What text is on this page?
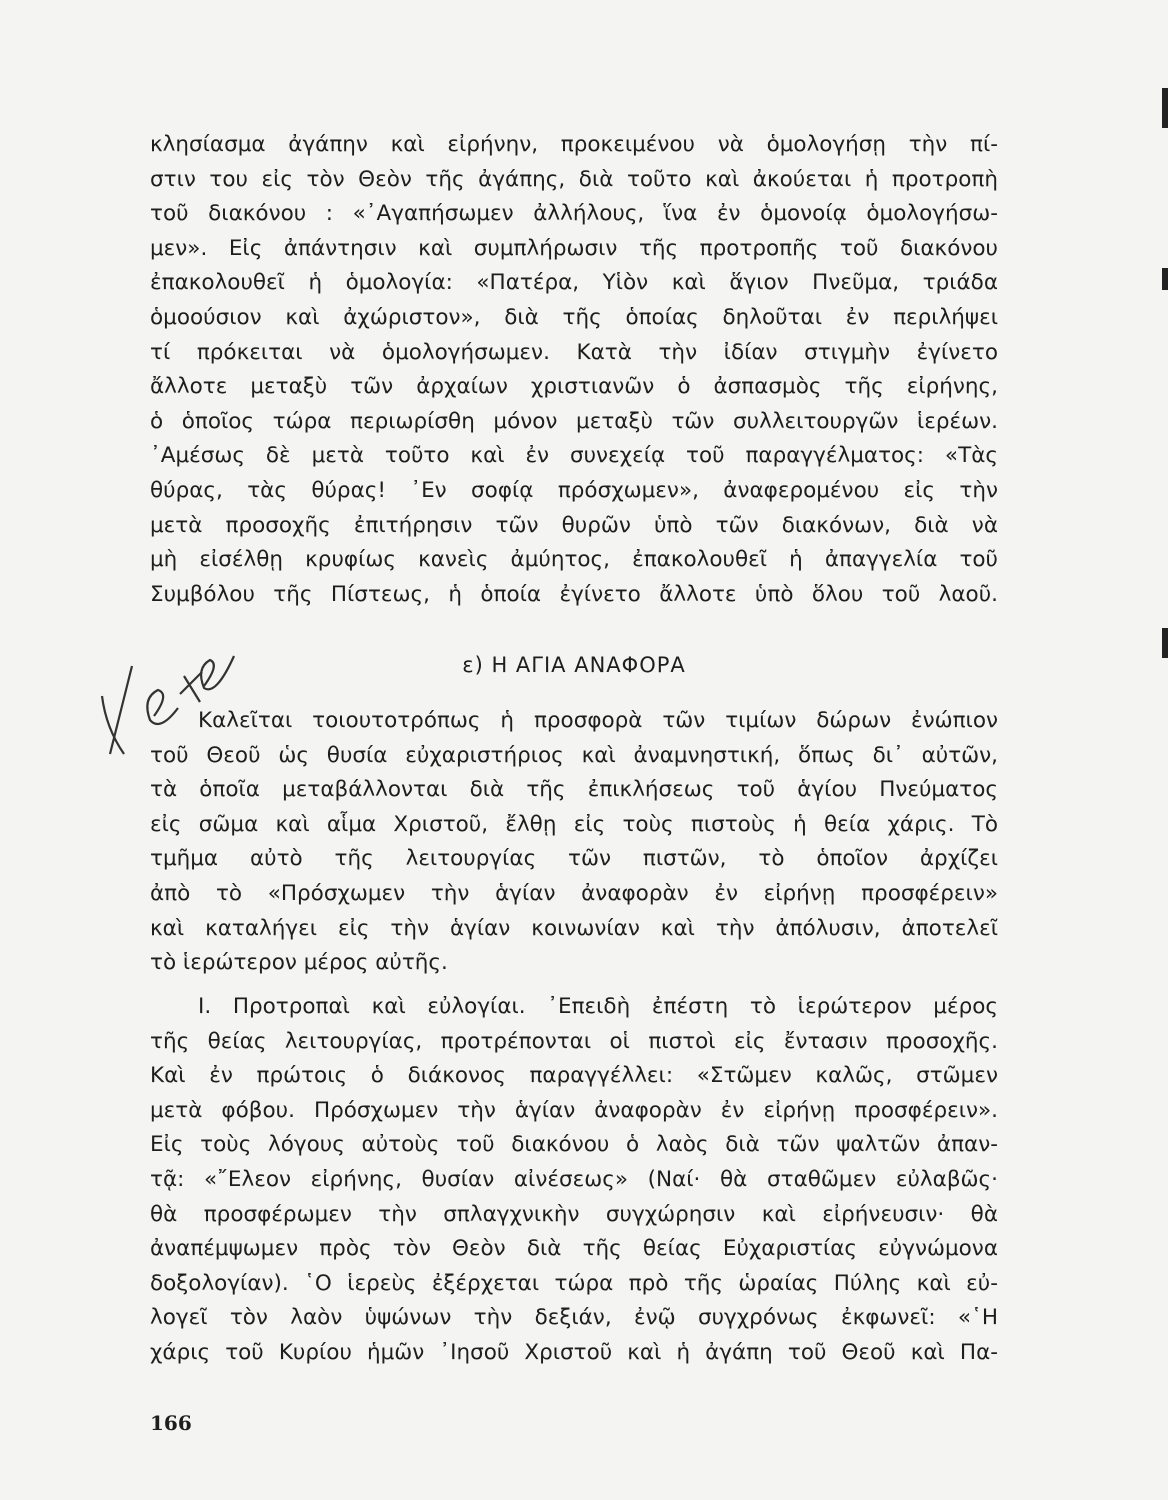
κλησίασμα ἀγάπην καὶ εἰρήνην, προκειμένου νὰ ὁμολογήσῃ τὴν πί-
στιν του εἰς τὸν Θεὸν τῆς ἀγάπης, διὰ τοῦτο καὶ ἀκούεται ἡ προτροπὴ
τοῦ διακόνου : «᾽Αγαπήσωμεν ἀλλήλους, ἵνα ἐν ὁμονοίᾳ ὁμολογήσω-
μεν». Εἰς ἀπάντησιν καὶ συμπλήρωσιν τῆς προτροπῆς τοῦ διακόνου
ἐπακολουθεῖ ἡ ὁμολογία: «Πατέρα, Υἱὸν καὶ ἅγιον Πνεῦμα, τριάδα
ὁμοούσιον καὶ ἀχώριστον», διὰ τῆς ὁποίας δηλοῦται ἐν περιλήψει
τί πρόκειται νὰ ὁμολογήσωμεν. Κατὰ τὴν ἰδίαν στιγμὴν ἐγίνετο
ἄλλοτε μεταξὺ τῶν ἀρχαίων χριστιανῶν ὁ ἀσπασμὸς τῆς εἰρήνης,
ὁ ὁποῖος τώρα περιωρίσθη μόνον μεταξὺ τῶν συλλειτουργῶν ἱερέων.
᾽Αμέσως δὲ μετὰ τοῦτο καὶ ἐν συνεχείᾳ τοῦ παραγγέλματος: «Τὰς
θύρας, τὰς θύρας! ᾽Εν σοφίᾳ πρόσχωμεν», ἀναφερομένου εἰς τὴν
μετὰ προσοχῆς ἐπιτήρησιν τῶν θυρῶν ὑπὸ τῶν διακόνων, διὰ νὰ
μὴ εἰσέλθῃ κρυφίως κανεὶς ἀμύητος, ἐπακολουθεῖ ἡ ἀπαγγελία τοῦ
Συμβόλου τῆς Πίστεως, ἡ ὁποία ἐγίνετο ἄλλοτε ὑπὸ ὅλου τοῦ λαοῦ.
ε) Η ΑΓΙΑ ΑΝΑΦΟΡΑ
Καλεῖται τοιουτοτρόπως ἡ προσφορὰ τῶν τιμίων δώρων ἐνώπιον
τοῦ Θεοῦ ὡς θυσία εὐχαριστήριος καὶ ἀναμνηστική, ὅπως δι᾽ αὐτῶν,
τὰ ὁποῖα μεταβάλλονται διὰ τῆς ἐπικλήσεως τοῦ ἁγίου Πνεύματος
εἰς σῶμα καὶ αἷμα Χριστοῦ, ἔλθῃ εἰς τοὺς πιστοὺς ἡ θεία χάρις. Τὸ
τμῆμα αὐτὸ τῆς λειτουργίας τῶν πιστῶν, τὸ ὁποῖον ἀρχίζει
ἀπὸ τὸ «Πρόσχωμεν τὴν ἁγίαν ἀναφορὰν ἐν εἰρήνῃ προσφέρειν»
καὶ καταλήγει εἰς τὴν ἁγίαν κοινωνίαν καὶ τὴν ἀπόλυσιν, ἀποτελεῖ
τὸ ἱερώτερον μέρος αὐτῆς.
Ι. Προτροπαὶ καὶ εὐλογίαι. ᾽Επειδὴ ἐπέστη τὸ ἱερώτερον μέρος
τῆς θείας λειτουργίας, προτρέπονται οἱ πιστοὶ εἰς ἔντασιν προσοχῆς.
Καὶ ἐν πρώτοις ὁ διάκονος παραγγέλλει: «Στῶμεν καλῶς, στῶμεν
μετὰ φόβου. Πρόσχωμεν τὴν ἁγίαν ἀναφορὰν ἐν εἰρήνῃ προσφέρειν».
Εἰς τοὺς λόγους αὐτοὺς τοῦ διακόνου ὁ λαὸς διὰ τῶν ψαλτῶν ἀπαν-
τᾷ: «῎Ελεον εἰρήνης, θυσίαν αἰνέσεως» (Ναί· θὰ σταθῶμεν εὐλαβῶς·
θὰ προσφέρωμεν τὴν σπλαγχνικὴν συγχώρησιν καὶ εἰρήνευσιν· θὰ
ἀναπέμψωμεν πρὸς τὸν Θεὸν διὰ τῆς θείας Εὐχαριστίας εὐγνώμονα
δοξολογίαν). ῾Ο ἱερεὺς ἐξέρχεται τώρα πρὸ τῆς ὡραίας Πύλης καὶ εὐ-
λογεῖ τὸν λαὸν ὑψώνων τὴν δεξιάν, ἐνῷ συγχρόνως ἐκφωνεῖ: «῾Η
χάρις τοῦ Κυρίου ἡμῶν ᾽Ιησοῦ Χριστοῦ καὶ ἡ ἀγάπη τοῦ Θεοῦ καὶ Πα-
166
